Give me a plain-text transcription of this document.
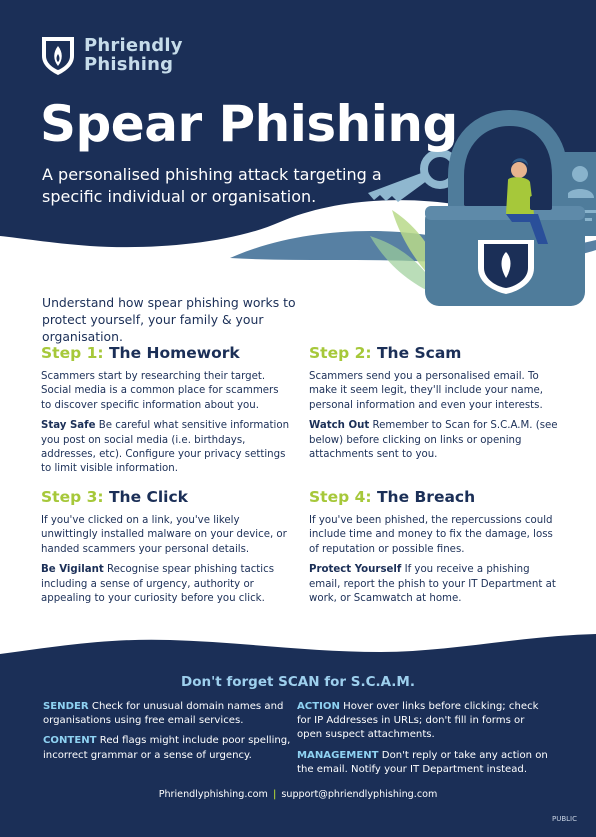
Phriendly
Phishing
Spear Phishing

A personalised phishing attack targeting a specific individual or organisation.

Understand how spear phishing works to protect yourself, your family & your organisation.

Step 1: The Homework

Scammers start by researching their target. Social media is a common place for scammers to discover specific information about you.

Stay Safe Be careful what sensitive information you post on social media (i.e. birthdays, addresses, etc). Configure your privacy settings to limit visible information.

Step 2: The Scam

Scammers send you a personalised email. To make it seem legit, they'll include your name, personal information and even your interests.

Watch Out Remember to Scan for S.C.A.M. (see below) before clicking on links or opening attachments sent to you.

Step 3: The Click

If you've clicked on a link, you've likely unwittingly installed malware on your device, or handed scammers your personal details.

Be Vigilant Recognise spear phishing tactics including a sense of urgency, authority or appealing to your curiosity before you click.

Step 4: The Breach

If you've been phished, the repercussions could include time and money to fix the damage, loss of reputation or possible fines.

Protect Yourself If you receive a phishing email, report the phish to your IT Department at work, or Scamwatch at home.

Don't forget SCAN for S.C.A.M.

SENDER Check for unusual domain names and organisations using free email services.

CONTENT Red flags might include poor spelling, incorrect grammar or a sense of urgency.

ACTION Hover over links before clicking; check for IP Addresses in URLs; don't fill in forms or open suspect attachments.

MANAGEMENT Don't reply or take any action on the email. Notify your IT Department instead.

Phriendlyphishing.com | support@phriendlyphishing.com
PUBLIC
